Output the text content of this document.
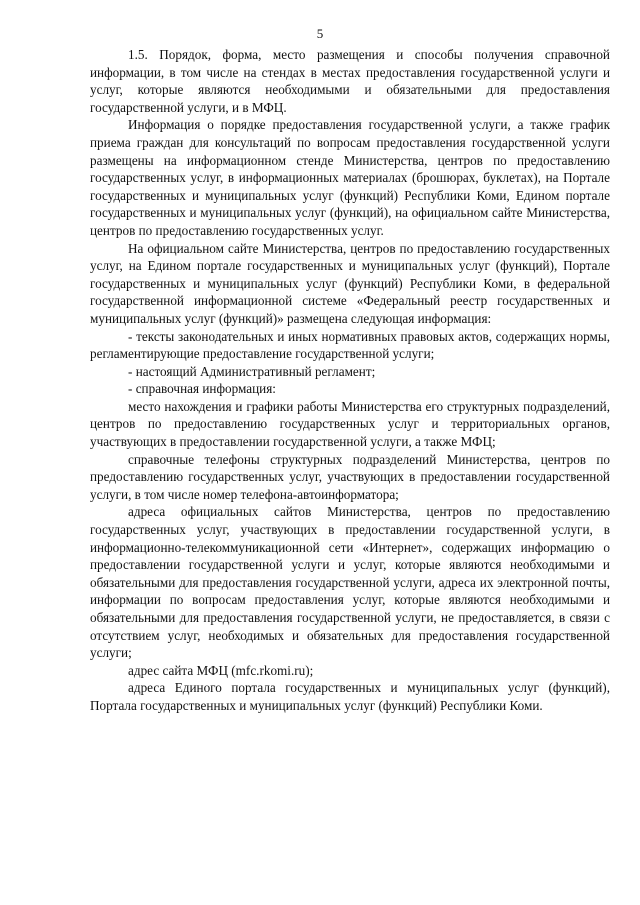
5

1.5. Порядок, форма, место размещения и способы получения справочной информации, в том числе на стендах в местах предоставления государственной услуги и услуг, которые являются необходимыми и обязательными для предоставления государственной услуги, и в МФЦ.

Информация о порядке предоставления государственной услуги, а также график приема граждан для консультаций по вопросам предоставления государственной услуги размещены на информационном стенде Министерства, центров по предоставлению государственных услуг, в информационных материалах (брошюрах, буклетах), на Портале государственных и муниципальных услуг (функций) Республики Коми, Едином портале государственных и муниципальных услуг (функций), на официальном сайте Министерства, центров по предоставлению государственных услуг.

На официальном сайте Министерства, центров по предоставлению государственных услуг, на Едином портале государственных и муниципальных услуг (функций), Портале государственных и муниципальных услуг (функций) Республики Коми, в федеральной государственной информационной системе «Федеральный реестр государственных и муниципальных услуг (функций)» размещена следующая информация:

- тексты законодательных и иных нормативных правовых актов, содержащих нормы, регламентирующие предоставление государственной услуги;

- настоящий Административный регламент;

- справочная информация:

место нахождения и графики работы Министерства его структурных подразделений, центров по предоставлению государственных услуг и территориальных органов, участвующих в предоставлении государственной услуги, а также МФЦ;

справочные телефоны структурных подразделений Министерства, центров по предоставлению государственных услуг, участвующих в предоставлении государственной услуги, в том числе номер телефона-автоинформатора;

адреса официальных сайтов Министерства, центров по предоставлению государственных услуг, участвующих в предоставлении государственной услуги, в информационно-телекоммуникационной сети «Интернет», содержащих информацию о предоставлении государственной услуги и услуг, которые являются необходимыми и обязательными для предоставления государственной услуги, адреса их электронной почты, информации по вопросам предоставления услуг, которые являются необходимыми и обязательными для предоставления государственной услуги, не предоставляется, в связи с отсутствием услуг, необходимых и обязательных для предоставления государственной услуги;

адрес сайта МФЦ (mfc.rkomi.ru);

адреса Единого портала государственных и муниципальных услуг (функций), Портала государственных и муниципальных услуг (функций) Республики Коми.
